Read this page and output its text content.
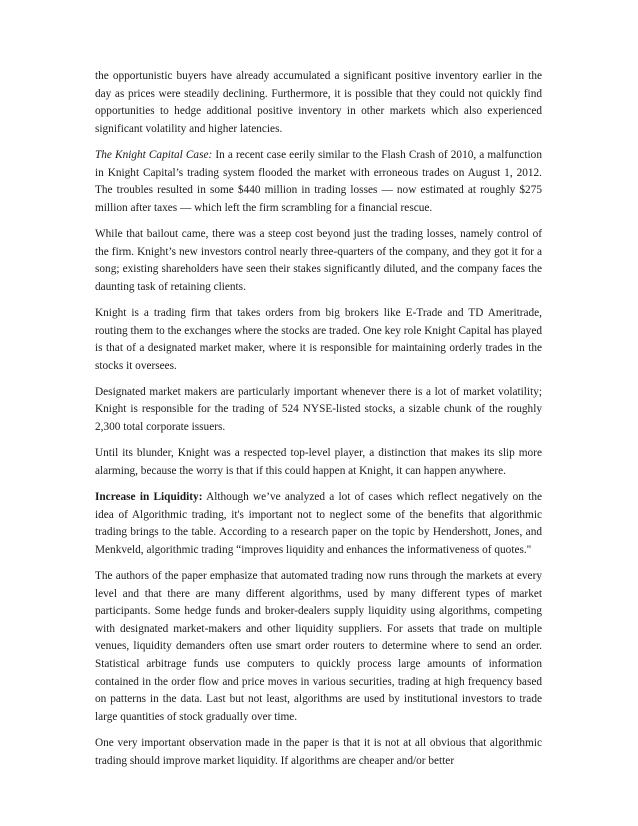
the opportunistic buyers have already accumulated a significant positive inventory earlier in the day as prices were steadily declining. Furthermore, it is possible that they could not quickly find opportunities to hedge additional positive inventory in other markets which also experienced significant volatility and higher latencies.

The Knight Capital Case: In a recent case eerily similar to the Flash Crash of 2010, a malfunction in Knight Capital’s trading system flooded the market with erroneous trades on August 1, 2012. The troubles resulted in some $440 million in trading losses — now estimated at roughly $275 million after taxes — which left the firm scrambling for a financial rescue.

While that bailout came, there was a steep cost beyond just the trading losses, namely control of the firm. Knight’s new investors control nearly three-quarters of the company, and they got it for a song; existing shareholders have seen their stakes significantly diluted, and the company faces the daunting task of retaining clients.

Knight is a trading firm that takes orders from big brokers like E-Trade and TD Ameritrade, routing them to the exchanges where the stocks are traded. One key role Knight Capital has played is that of a designated market maker, where it is responsible for maintaining orderly trades in the stocks it oversees.

Designated market makers are particularly important whenever there is a lot of market volatility; Knight is responsible for the trading of 524 NYSE-listed stocks, a sizable chunk of the roughly 2,300 total corporate issuers.

Until its blunder, Knight was a respected top-level player, a distinction that makes its slip more alarming, because the worry is that if this could happen at Knight, it can happen anywhere.

Increase in Liquidity: Although we’ve analyzed a lot of cases which reflect negatively on the idea of Algorithmic trading, it's important not to neglect some of the benefits that algorithmic trading brings to the table. According to a research paper on the topic by Hendershott, Jones, and Menkveld, algorithmic trading “improves liquidity and enhances the informativeness of quotes."

The authors of the paper emphasize that automated trading now runs through the markets at every level and that there are many different algorithms, used by many different types of market participants. Some hedge funds and broker-dealers supply liquidity using algorithms, competing with designated market-makers and other liquidity suppliers. For assets that trade on multiple venues, liquidity demanders often use smart order routers to determine where to send an order. Statistical arbitrage funds use computers to quickly process large amounts of information contained in the order flow and price moves in various securities, trading at high frequency based on patterns in the data. Last but not least, algorithms are used by institutional investors to trade large quantities of stock gradually over time.

One very important observation made in the paper is that it is not at all obvious that algorithmic trading should improve market liquidity. If algorithms are cheaper and/or better
